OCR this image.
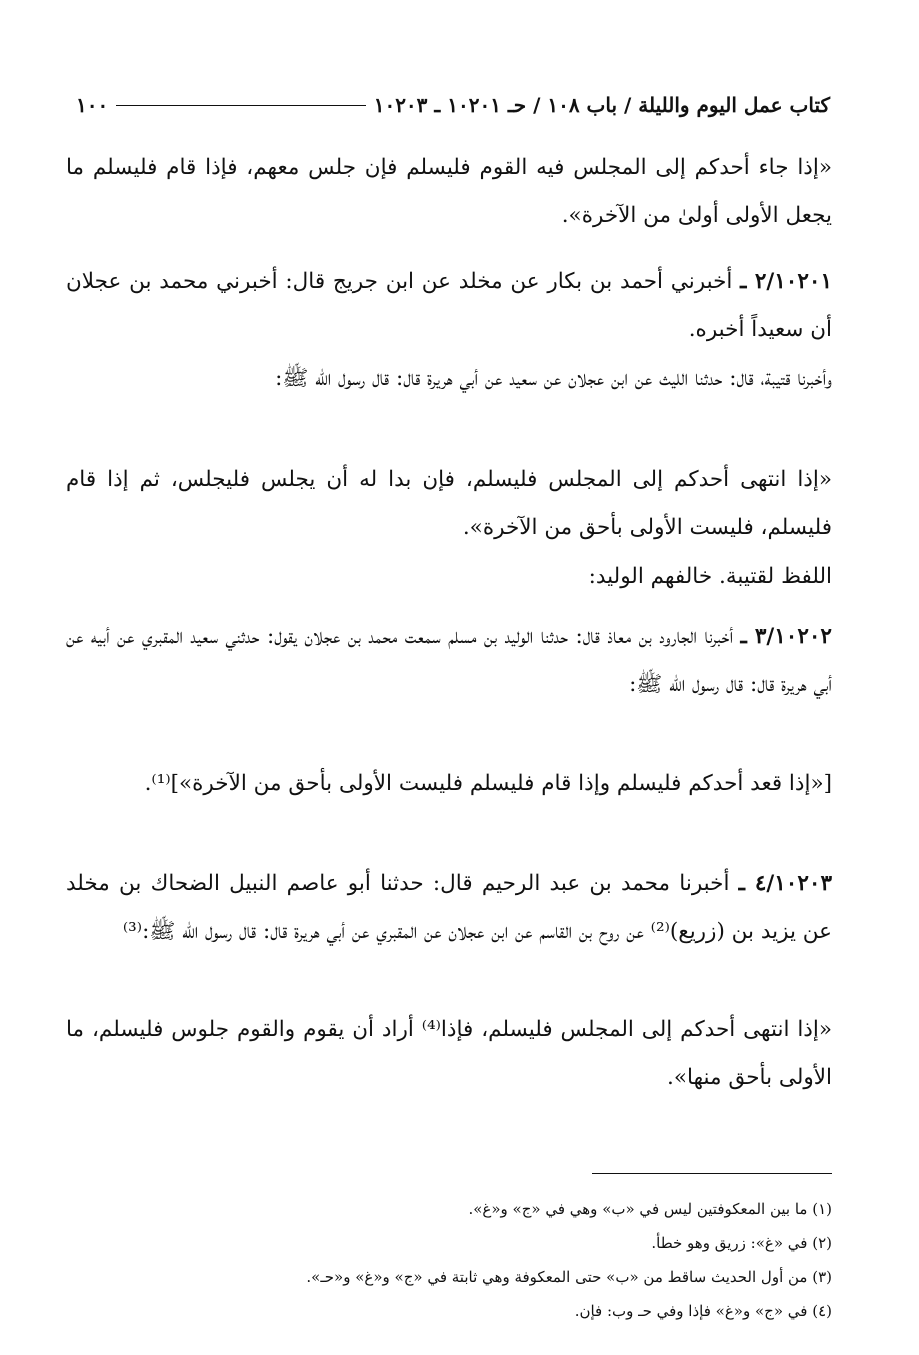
كتاب عمل اليوم والليلة / باب ١٠٨ / حـ ١٠٢٠١ ـ ١٠٢٠٣
١٠٠
«إذا جاء أحدكم إلى المجلس فيه القوم فليسلم فإن جلس معهم، فإذا قام فليسلم ما يجعل الأولى أولىٰ من الآخرة».
٢/١٠٢٠١ ـ أخبرني أحمد بن بكار عن مخلد عن ابن جريج قال: أخبرني محمد بن عجلان أن سعيداً أخبره.
وأخبرنا قتيبة، قال: حدثنا الليث عن ابن عجلان عن سعيد عن أبي هريرة قال: قال رسول الله ﷺ:
«إذا انتهى أحدكم إلى المجلس فليسلم، فإن بدا له أن يجلس فليجلس، ثم إذا قام فليسلم، فليست الأولى بأحق من الآخرة».
اللفظ لقتيبة. خالفهم الوليد:
٣/١٠٢٠٢ ـ أخبرنا الجارود بن معاذ قال: حدثنا الوليد بن مسلم سمعت محمد بن عجلان يقول: حدثني سعيد المقبري عن أبيه عن أبي هريرة قال: قال رسول الله ﷺ:
[«إذا قعد أحدكم فليسلم وإذا قام فليسلم فليست الأولى بأحق من الآخرة»]⁽¹⁾.
٤/١٠٢٠٣ ـ أخبرنا محمد بن عبد الرحيم قال: حدثنا أبو عاصم النبيل الضحاك بن مخلد عن يزيد بن (زريع)⁽²⁾ عن روح بن القاسم عن ابن عجلان عن المقبري عن أبي هريرة قال: قال رسول الله ﷺ:⁽³⁾
«إذا انتهى أحدكم إلى المجلس فليسلم، فإذا⁽⁴⁾ أراد أن يقوم والقوم جلوس فليسلم، ما الأولى بأحق منها».
(١) ما بين المعكوفتين ليس في «ب» وهي في «ج» و«غ».
(٢) في «غ»: زريق وهو خطأ.
(٣) من أول الحديث ساقط من «ب» حتى المعكوفة وهي ثابتة في «ج» و«غ» و«حـ».
(٤) في «ج» و«غ» فإذا وفي حـ وب: فإن.
